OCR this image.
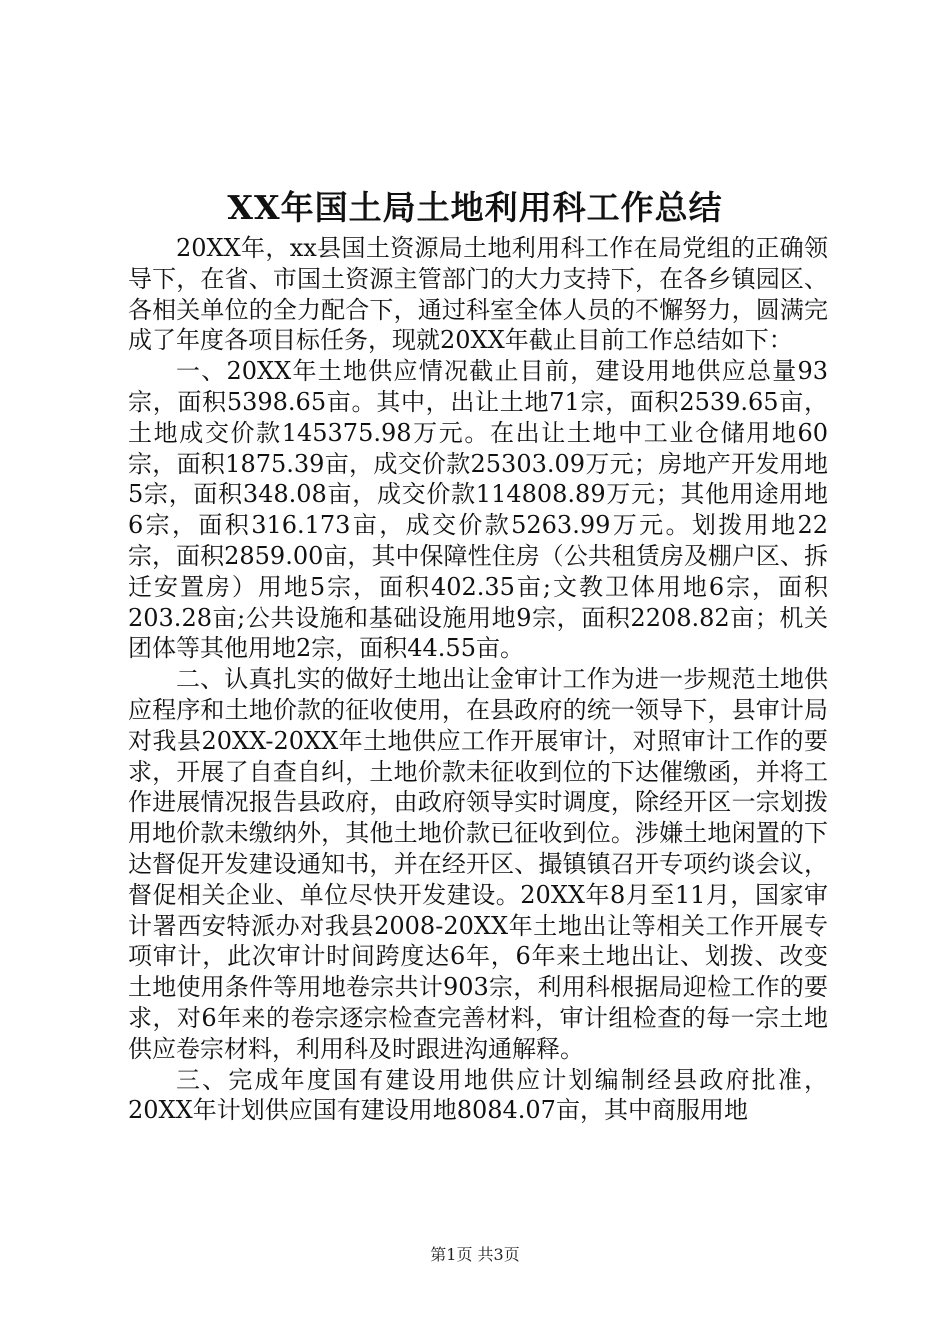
XX年国土局土地利用科工作总结

20XX年，xx县国土资源局土地利用科工作在局党组的正确领导下，在省、市国土资源主管部门的大力支持下，在各乡镇园区、各相关单位的全力配合下，通过科室全体人员的不懈努力，圆满完成了年度各项目标任务，现就20XX年截止目前工作总结如下：

一、20XX年土地供应情况截止目前，建设用地供应总量93宗，面积5398.65亩。其中，出让土地71宗，面积2539.65亩，土地成交价款145375.98万元。在出让土地中工业仓储用地60宗，面积1875.39亩，成交价款25303.09万元；房地产开发用地5宗，面积348.08亩，成交价款114808.89万元；其他用途用地6宗，面积316.173亩，成交价款5263.99万元。划拨用地22宗，面积2859.00亩，其中保障性住房（公共租赁房及棚户区、拆迁安置房）用地5宗，面积402.35亩;文教卫体用地6宗，面积203.28亩;公共设施和基础设施用地9宗，面积2208.82亩；机关团体等其他用地2宗，面积44.55亩。

二、认真扎实的做好土地出让金审计工作为进一步规范土地供应程序和土地价款的征收使用，在县政府的统一领导下，县审计局对我县20XX-20XX年土地供应工作开展审计，对照审计工作的要求，开展了自查自纠，土地价款未征收到位的下达催缴函，并将工作进展情况报告县政府，由政府领导实时调度，除经开区一宗划拨用地价款未缴纳外，其他土地价款已征收到位。涉嫌土地闲置的下达督促开发建设通知书，并在经开区、撮镇镇召开专项约谈会议，督促相关企业、单位尽快开发建设。20XX年8月至11月，国家审计署西安特派办对我县2008-20XX年土地出让等相关工作开展专项审计，此次审计时间跨度达6年，6年来土地出让、划拨、改变土地使用条件等用地卷宗共计903宗，利用科根据局迎检工作的要求，对6年来的卷宗逐宗检查完善材料，审计组检查的每一宗土地供应卷宗材料，利用科及时跟进沟通解释。

三、完成年度国有建设用地供应计划编制经县政府批准，20XX年计划供应国有建设用地8084.07亩，其中商服用地

第1页 共3页
